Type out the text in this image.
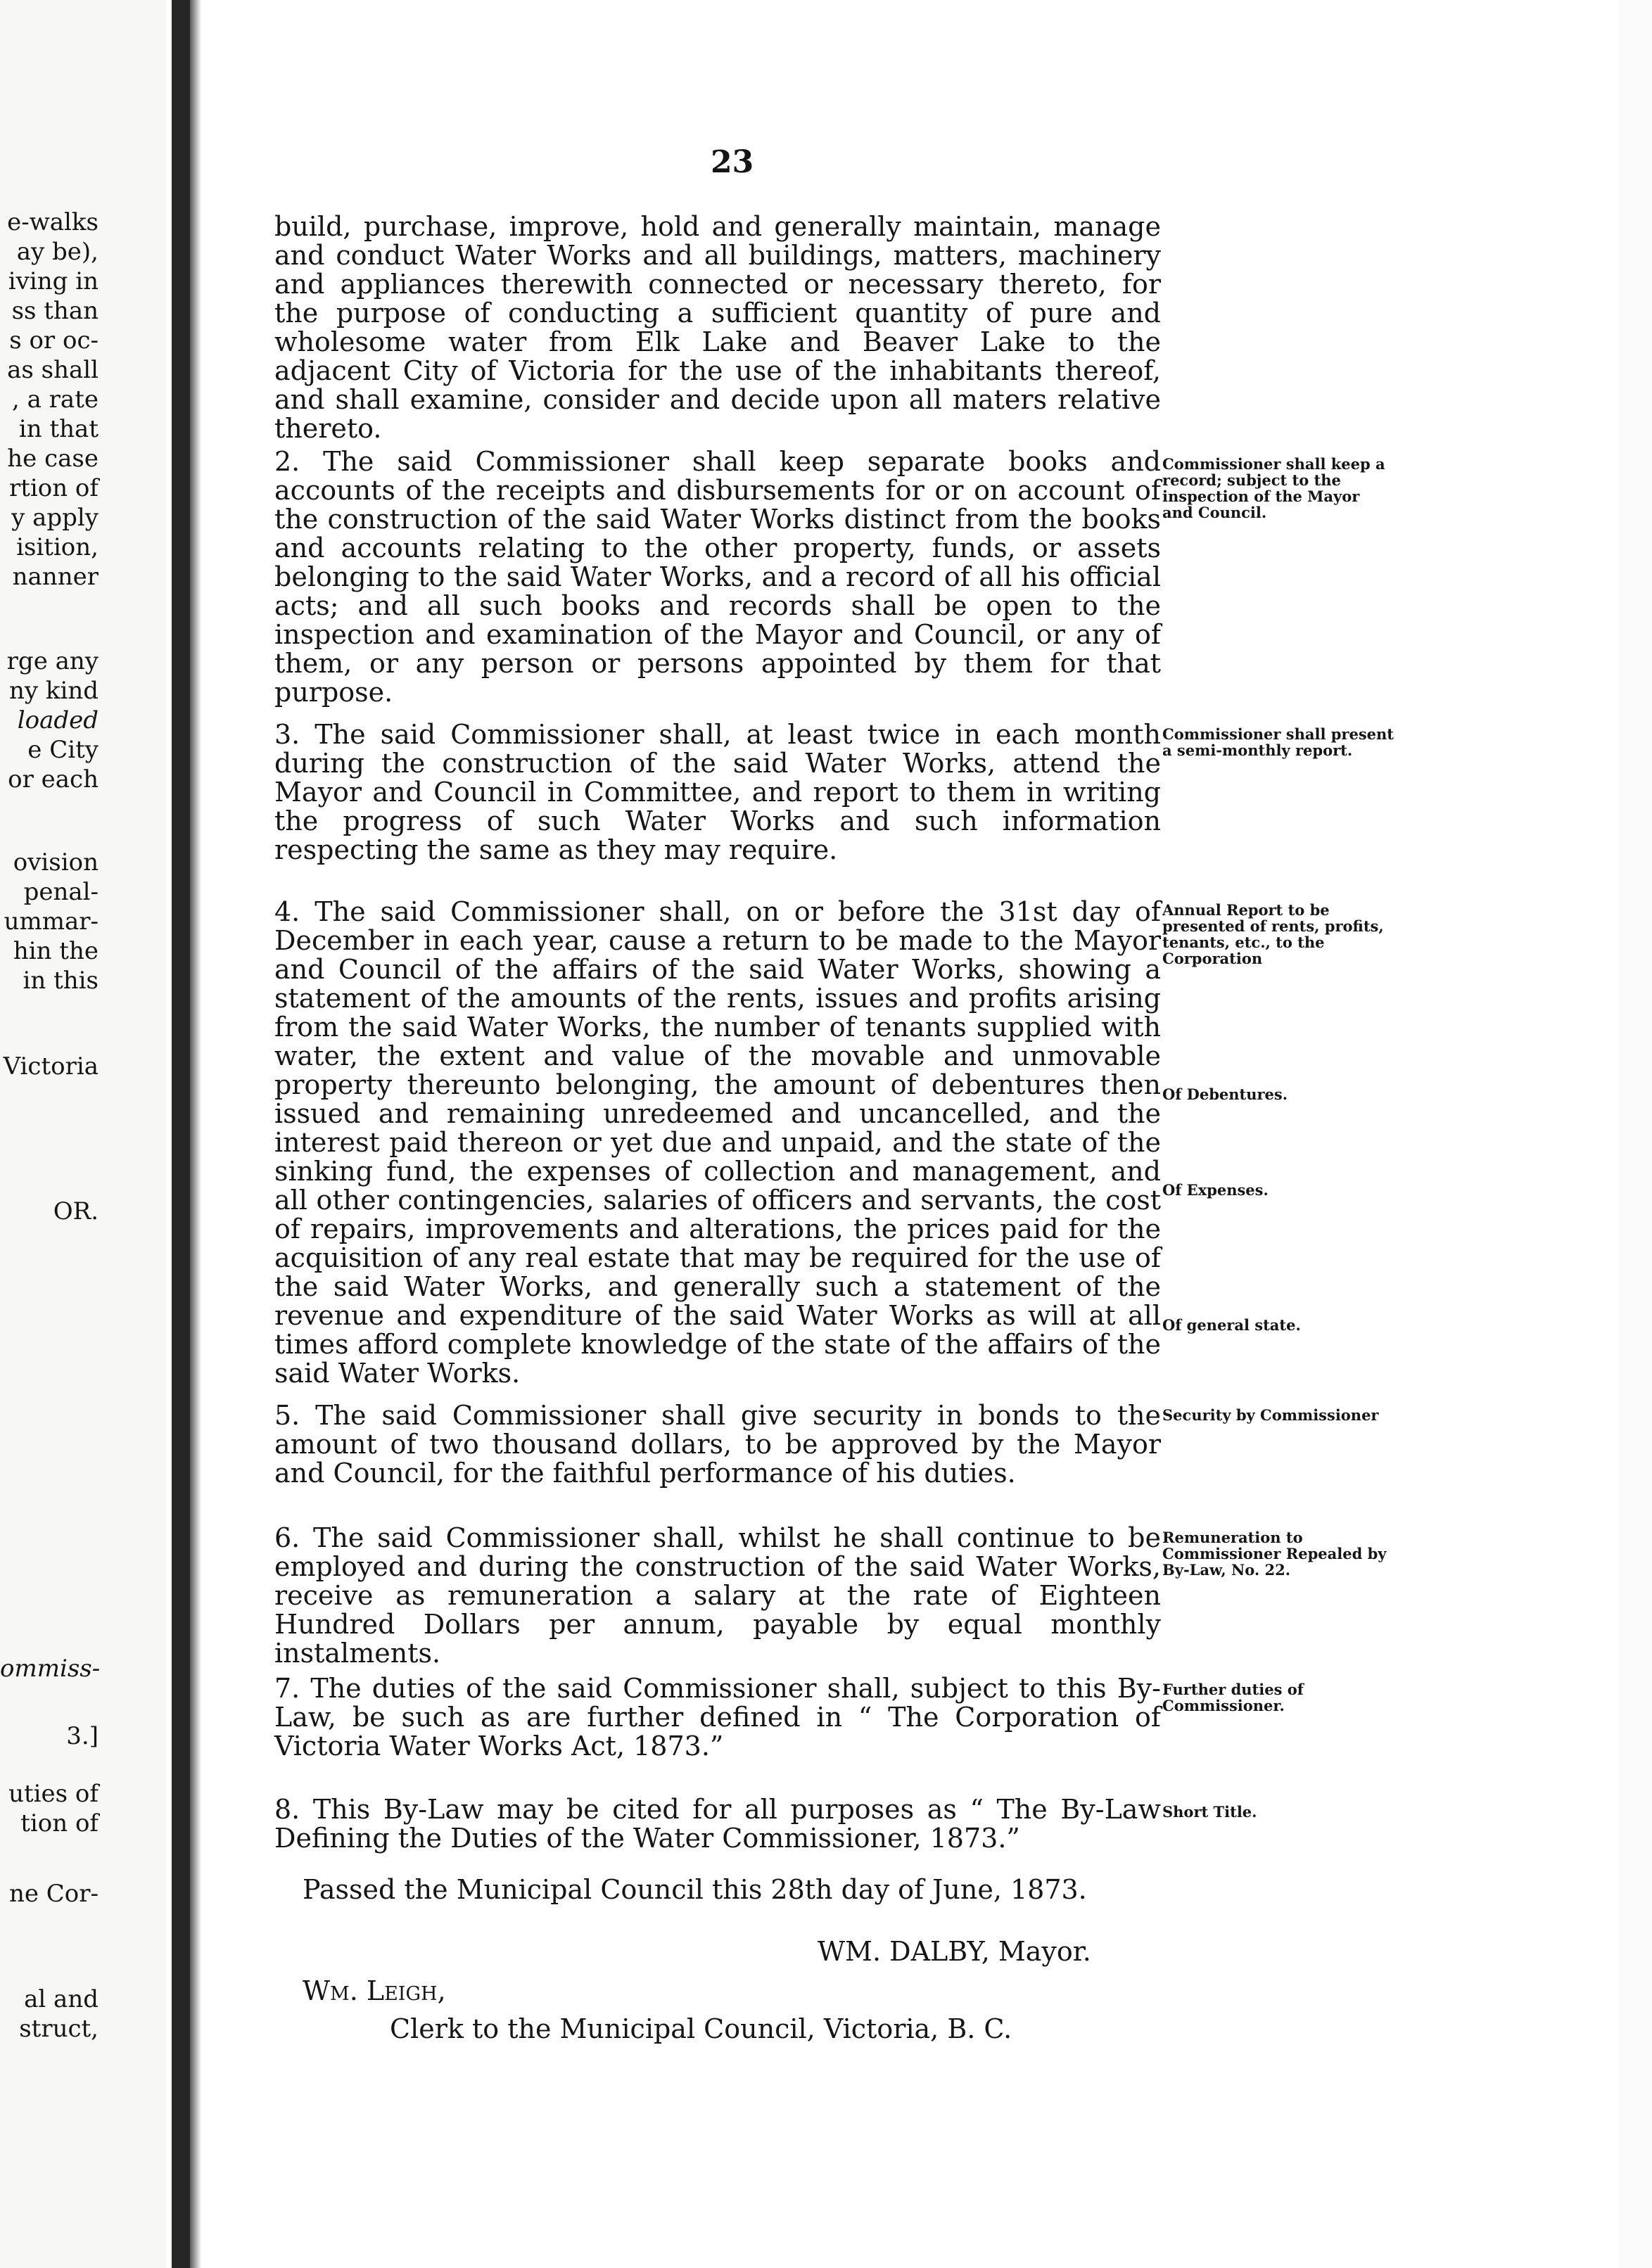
e-walks
ay be),
iving in
ss than
s or oc-
as shall
, a rate
in that
he case
rtion of
y apply
isition,
nanner
rge any
ny kind
loaded
e City
or each
ovision
penal-
ummar-
hin the
in this
Victoria
OR.
ommiss-
3.]
uties of
tion of
ne Cor-
al and
struct,
23
build, purchase, improve, hold and generally maintain, manage and conduct Water Works and all buildings, matters, machinery and appliances therewith connected or necessary thereto, for the purpose of conducting a sufficient quantity of pure and wholesome water from Elk Lake and Beaver Lake to the adjacent City of Victoria for the use of the inhabitants thereof, and shall examine, consider and decide upon all maters relative thereto.
2. The said Commissioner shall keep separate books and accounts of the receipts and disbursements for or on account of the construction of the said Water Works distinct from the books and accounts relating to the other property, funds, or assets belonging to the said Water Works, and a record of all his official acts; and all such books and records shall be open to the inspection and examination of the Mayor and Council, or any of them, or any person or persons appointed by them for that purpose.
3. The said Commissioner shall, at least twice in each month during the construction of the said Water Works, attend the Mayor and Council in Committee, and report to them in writing the progress of such Water Works and such information respecting the same as they may require.
4. The said Commissioner shall, on or before the 31st day of December in each year, cause a return to be made to the Mayor and Council of the affairs of the said Water Works, showing a statement of the amounts of the rents, issues and profits arising from the said Water Works, the number of tenants supplied with water, the extent and value of the movable and unmovable property thereunto belonging, the amount of debentures then issued and remaining unredeemed and uncancelled, and the interest paid thereon or yet due and unpaid, and the state of the sinking fund, the expenses of collection and management, and all other contingencies, salaries of officers and servants, the cost of repairs, improvements and alterations, the prices paid for the acquisition of any real estate that may be required for the use of the said Water Works, and generally such a statement of the revenue and expenditure of the said Water Works as will at all times afford complete knowledge of the state of the affairs of the said Water Works.
5. The said Commissioner shall give security in bonds to the amount of two thousand dollars, to be approved by the Mayor and Council, for the faithful performance of his duties.
6. The said Commissioner shall, whilst he shall continue to be employed and during the construction of the said Water Works, receive as remuneration a salary at the rate of Eighteen Hundred Dollars per annum, payable by equal monthly instalments.
7. The duties of the said Commissioner shall, subject to this By-Law, be such as are further defined in “ The Corporation of Victoria Water Works Act, 1873.”
8. This By-Law may be cited for all purposes as “ The By-Law Defining the Duties of the Water Commissioner, 1873.”
Commissioner shall keep a record; subject to the inspection of the Mayor and Council.
Commissioner shall present a semi-monthly report.
Annual Report to be presented of rents, profits, tenants, etc., to the Corporation
Of Debentures.
Of Expenses.
Of general state.
Security by Commissioner
Remuneration to Commissioner Repealed by By-Law, No. 22.
Further duties of Commissioner.
Short Title.
Passed the Municipal Council this 28th day of June, 1873.
WM. DALBY, Mayor.
Wm. Leigh,
Clerk to the Municipal Council, Victoria, B. C.
